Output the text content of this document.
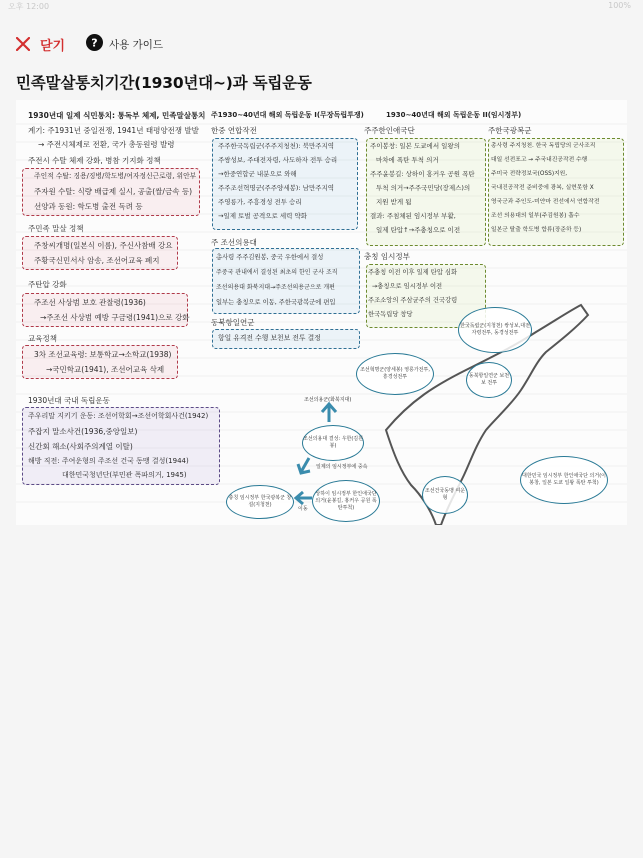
오후 12:00	100%
닫기 ? 사용 가이드
민족말살통치기간(1930년대~)과 독립운동
1930년대 일제 식민통치: 통독부 체제, 민족말살통치
계기: 주1931년 중일전쟁, 1941년 태평양전쟁 발발
→ 주전시체제로 전환, 국가 총동원령 발령
주전시 수탈 체제 강화, 병참 기지화 정책
주인적 수탈: 징용/징병/학도병/여자정신근로령, 위안부
주자원 수탈: 식량 배급제 실시, 공출(쌀/금속 등)
선양과 동원: 학도병 출전 독려 등
주민족 말살 정책
주창씨개명(일본식 이름), 주신사참배 강요
주황국신민서사 암송, 조선어교육 폐지
주탄압 강화
주조선 사상범 보호 관찰령(1936)
→주조선 사상범 예방 구금령(1941)으로 강화
교육정책
3차 조선교육령: 보통학교→소학교(1938)
→국민학교(1941), 조선어교육 삭제
1930년대 국내 독립운동
주우리말 지키기 운동: 조선어학회→조선어학회사건(1942)
주잡지 말소사건(1936,중앙일보)
신간회 해소(사회주의계열 이탈)
해방 직전: 주여운형의 주조선 건국 동맹 결성(1944)
대한민국청년단(부민관 폭파의거, 1945)
주1930~40년대 해외 독립운동 I(무장독립투쟁)
한중 연합작전
주주한국독립군(주주지청천): 북만주지역
주쌍성보, 주대전자령, 사도하자 전투 승리
→한중연합군 내분으로 와해
주주조선혁명군(주주양세봉): 남만주지역
주영릉가, 주흥경성 전투 승리
→일제 토벌 공격으로 세력 약화
주 조선의용대
총사령 주주김원봉, 중국 우한에서 결성
주중국 관내에서 결성된 최초의 한인 군사 조직
조선의용대 화북지대→주조선의용군으로 개편
일부는 충칭으로 이동, 주한국광복군에 편입
동북항일연군
항일 유격전 수행 보천보 전투 결정
1930~40년대 해외 독립운동 II(임시정부)
주주한인애국단
주이봉창: 일본 도쿄에서 일왕의
마차에 폭탄 투척 의거
주주윤봉길: 상하이 홍커우 공원 폭탄
투척 의거→주주국민당(장제스)의
지원 받게 됨
결과: 주침체된 임시정부 부활,
일제 탄압↑→주충칭으로 이전
주한국광복군
총사령 주지청천. 한국 독립당의 군사조직
대일 선전포고 → 주국내진공작전 수행
주미국 전략정보국(OSS)지원,
국내진공작전 준비중에 광복, 실현못함 X
영국군과 주인도-미얀마 전선에서 연합작전
조선 의용대의 일부(주김원봉) 흡수
일본군 탈출 학도병 합류(장준하 등)
충칭 임시정부
주충칭 이전 이후 일제 탄압 심화
→충칭으로 임시정부 이전
주조소앙의 주삼균주의 건국강령
한국독립당 창당
한국독립군(지청천) 쌍성보,대전자령전투, 동경성전투
조선혁명군(양세봉) 영릉가전투, 흥경성전투	동북항일연군 보천보 전투
조선의용군(화북지대)
조선의용대 결성: 우한(김원봉)
일제의 임시정부에 중속
충칭 임시정부 한국광복군 창설(지청천)
이동
상하이 임시정부 한인애국단 의거(윤봉길, 홍커우 공원 폭탄투척)
조선건국동맹 여운형
대한민국 임시정부 한인애국단 의거(이봉창, 일본 도쿄 일왕 폭탄 투척)
